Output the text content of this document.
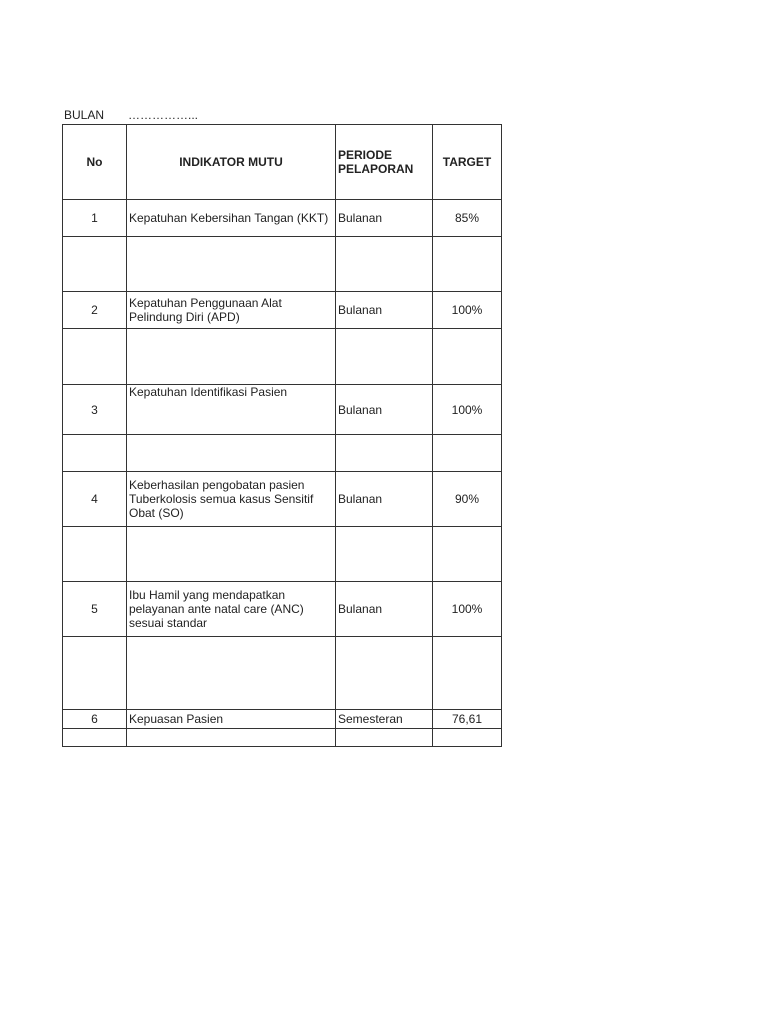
BULAN ……………...
No	INDIKATOR MUTU	PERIODE PELAPORAN	TARGET
1	Kepatuhan Kebersihan Tangan (KKT)	Bulanan	85%

2	Kepatuhan Penggunaan Alat Pelindung Diri (APD)	Bulanan	100%

3	Kepatuhan Identifikasi Pasien	Bulanan	100%

4	Keberhasilan pengobatan pasien Tuberkolosis semua kasus Sensitif Obat (SO)	Bulanan	90%

5	Ibu Hamil yang mendapatkan pelayanan ante natal care (ANC) sesuai standar	Bulanan	100%

6	Kepuasan Pasien	Semesteran	76,61
